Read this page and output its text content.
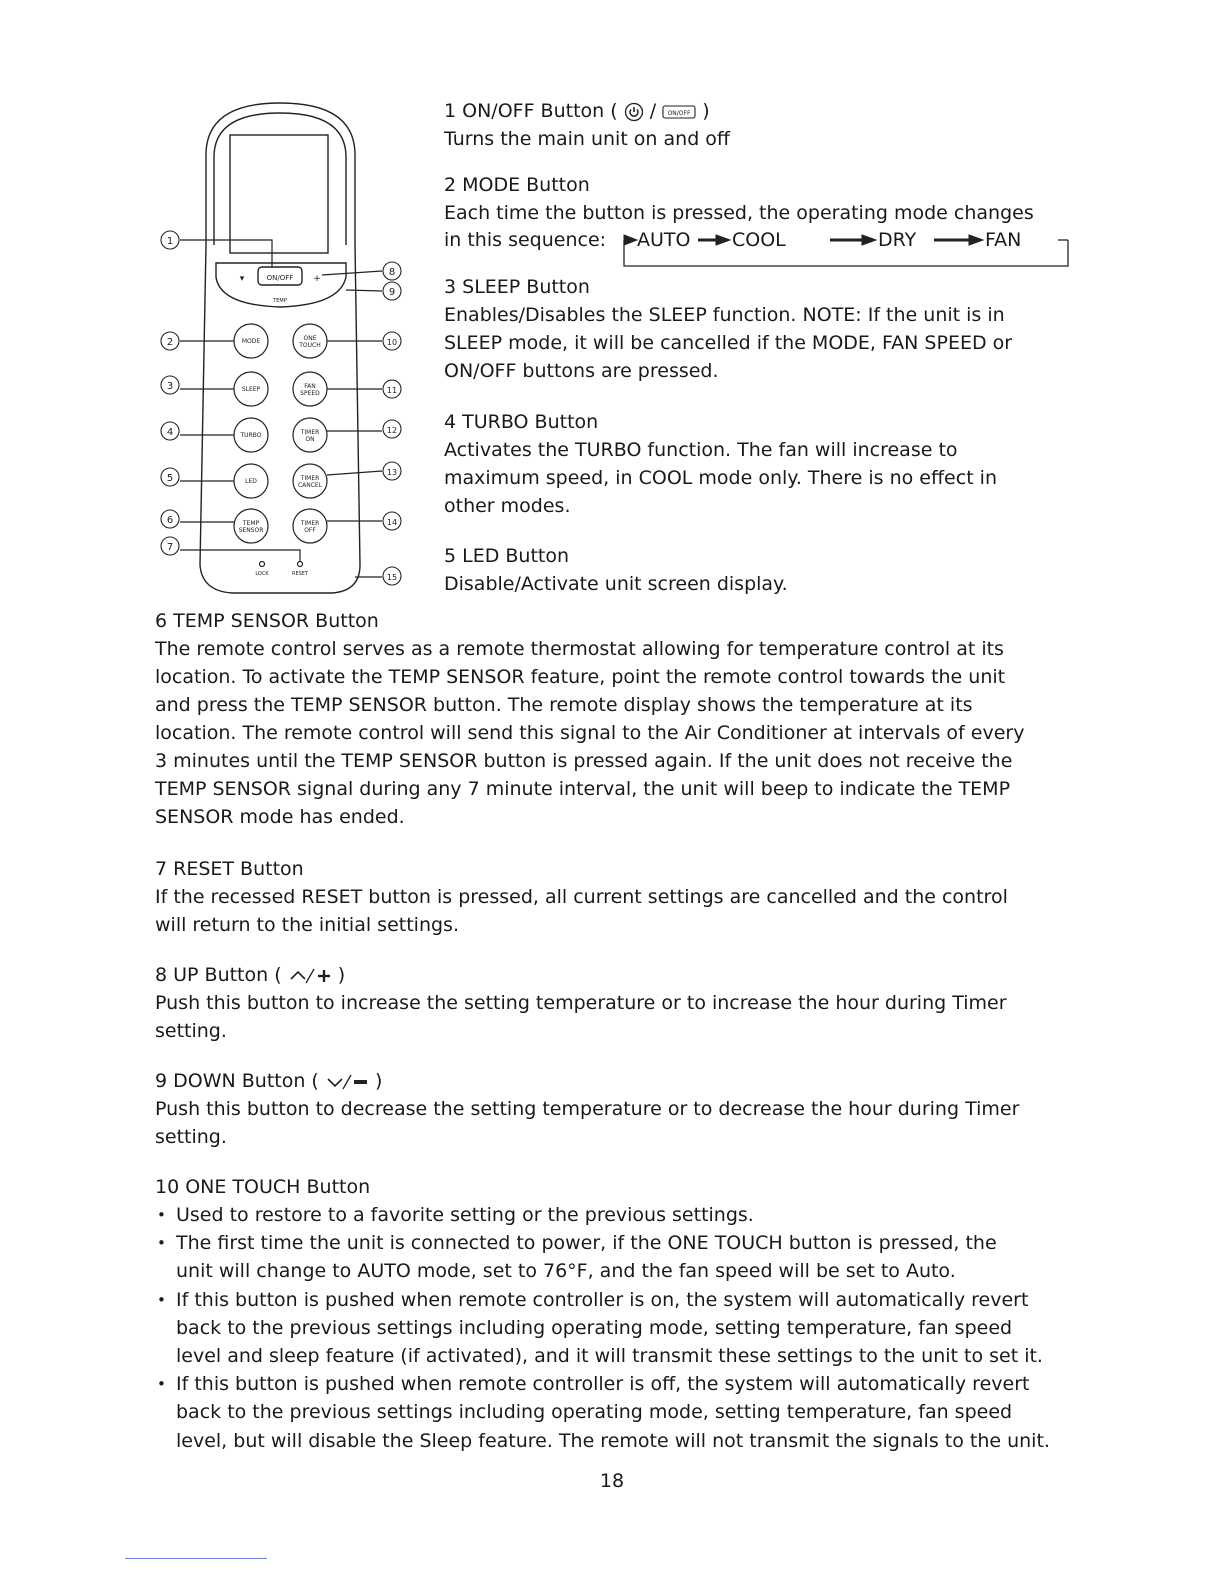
ON/OFF
TEMP
▾	+
MODE	ONE
TOUCH
SLEEP	FAN
SPEED
TURBO	TIMER
ON
LED	TIMER
CANCEL
TEMP
SENSOR
TIMER
OFF
LOCK	RESET
1
2
3
4
5
6
7
8
9
10
11
12
13
14
15

1 ON/OFF Button ( / ON/OFF )

Turns the main unit on and off

2 MODE Button

Each time the button is pressed, the operating mode changes

in this sequence: AUTO COOL	DRY	FAN

3 SLEEP Button

Enables/Disables the SLEEP function. NOTE: If the unit is in

SLEEP mode, it will be cancelled if the MODE, FAN SPEED or

ON/OFF buttons are pressed.

4 TURBO Button

Activates the TURBO function. The fan will increase to

maximum speed, in COOL mode only. There is no effect in

other modes.

5 LED Button

Disable/Activate unit screen display.

6 TEMP SENSOR Button

The remote control serves as a remote thermostat allowing for temperature control at its

location. To activate the TEMP SENSOR feature, point the remote control towards the unit

and press the TEMP SENSOR button. The remote display shows the temperature at its

location. The remote control will send this signal to the Air Conditioner at intervals of every

3 minutes until the TEMP SENSOR button is pressed again. If the unit does not receive the

TEMP SENSOR signal during any 7 minute interval, the unit will beep to indicate the TEMP

SENSOR mode has ended.

7 RESET Button

If the recessed RESET button is pressed, all current settings are cancelled and the control

will return to the initial settings.

8 UP Button (	)

Push this button to increase the setting temperature or to increase the hour during Timer

setting.

9 DOWN Button (	)

Push this button to decrease the setting temperature or to decrease the hour during Timer

setting.

10 ONE TOUCH Button

• Used to restore to a favorite setting or the previous settings.
• The first time the unit is connected to power, if the ONE TOUCH button is pressed, the
unit will change to AUTO mode, set to 76°F, and the fan speed will be set to Auto.
• If this button is pushed when remote controller is on, the system will automatically revert
back to the previous settings including operating mode, setting temperature, fan speed
level and sleep feature (if activated), and it will transmit these settings to the unit to set it.
• If this button is pushed when remote controller is off, the system will automatically revert
back to the previous settings including operating mode, setting temperature, fan speed
level, but will disable the Sleep feature. The remote will not transmit the signals to the unit.
18
